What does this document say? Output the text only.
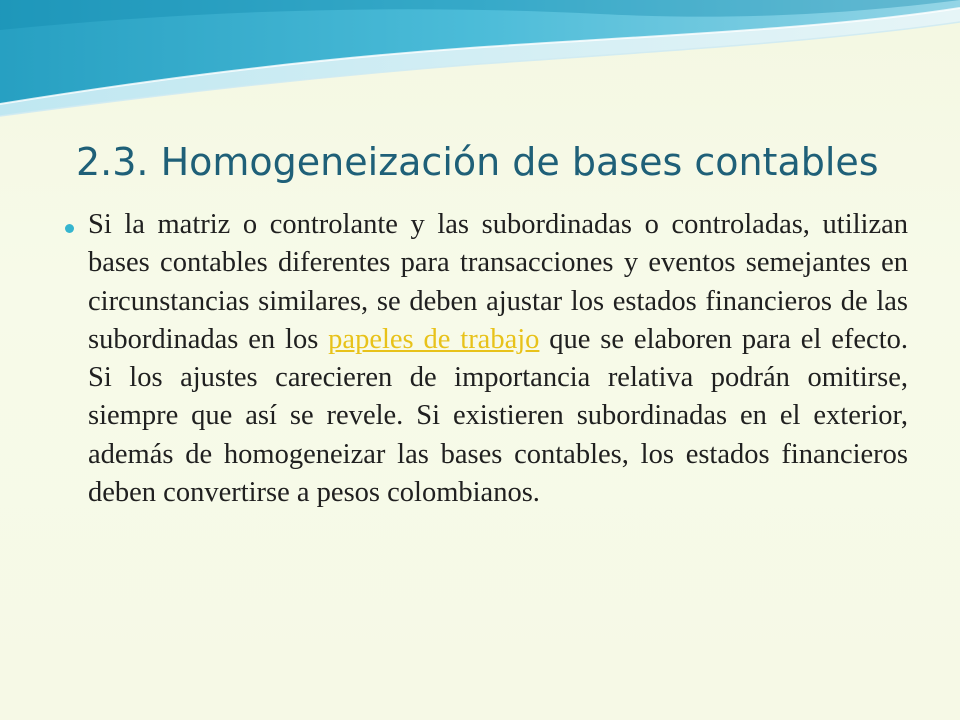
2.3. Homogeneización de bases contables

Si la matriz o controlante y las subordinadas o controladas, utilizan bases contables diferentes para transacciones y eventos semejantes en circunstancias similares, se deben ajustar los estados financieros de las subordinadas en los papeles de trabajo que se elaboren para el efecto. Si los ajustes carecieren de importancia relativa podrán omitirse, siempre que así se revele. Si existieren subordinadas en el exterior, además de homogeneizar las bases contables, los estados financieros deben convertirse a pesos colombianos.
